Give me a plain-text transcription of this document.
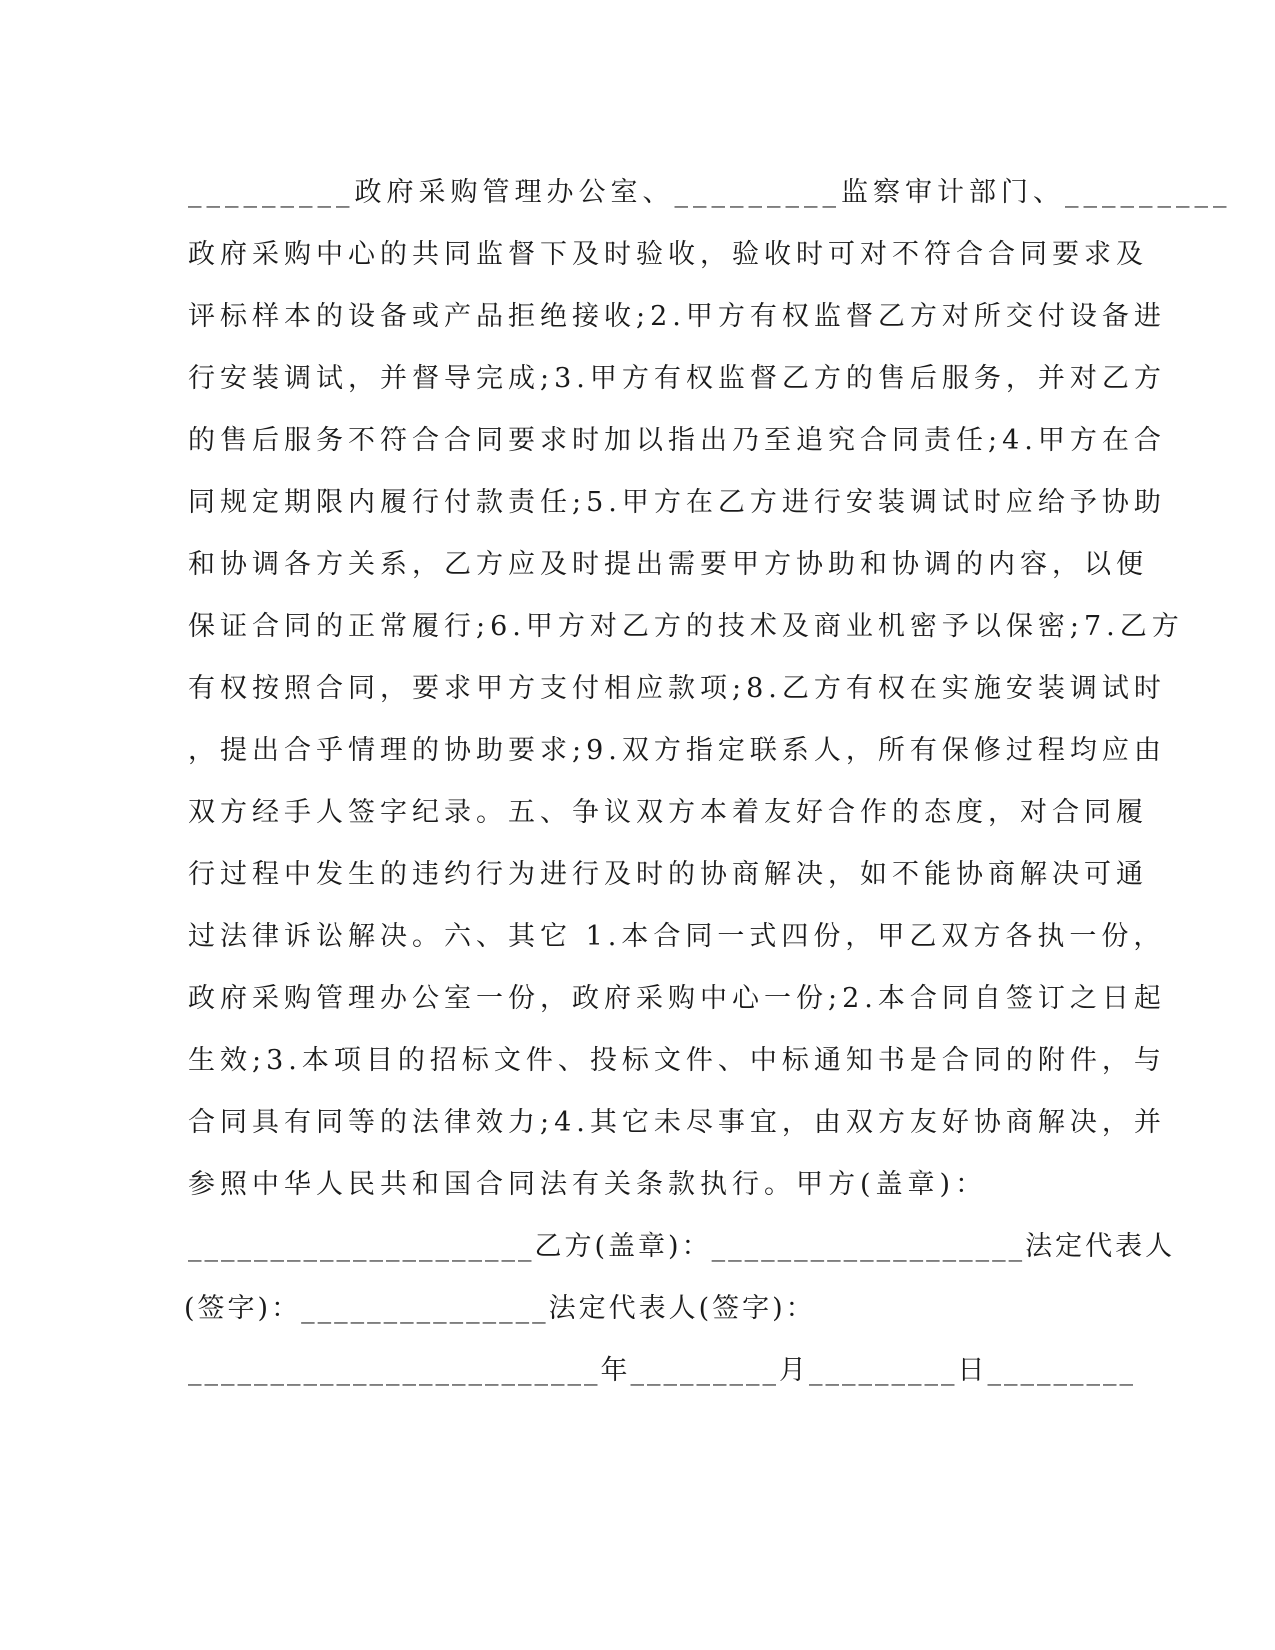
_________政府采购管理办公室、_________监察审计部门、_________
政府采购中心的共同监督下及时验收，验收时可对不符合合同要求及
评标样本的设备或产品拒绝接收;2.甲方有权监督乙方对所交付设备进
行安装调试，并督导完成;3.甲方有权监督乙方的售后服务，并对乙方
的售后服务不符合合同要求时加以指出乃至追究合同责任;4.甲方在合
同规定期限内履行付款责任;5.甲方在乙方进行安装调试时应给予协助
和协调各方关系，乙方应及时提出需要甲方协助和协调的内容，以便
保证合同的正常履行;6.甲方对乙方的技术及商业机密予以保密;7.乙方
有权按照合同，要求甲方支付相应款项;8.乙方有权在实施安装调试时
，提出合乎情理的协助要求;9.双方指定联系人，所有保修过程均应由
双方经手人签字纪录。五、争议双方本着友好合作的态度，对合同履
行过程中发生的违约行为进行及时的协商解决，如不能协商解决可通
过法律诉讼解决。六、其它 1.本合同一式四份，甲乙双方各执一份，
政府采购管理办公室一份，政府采购中心一份;2.本合同自签订之日起
生效;3.本项目的招标文件、投标文件、中标通知书是合同的附件，与
合同具有同等的法律效力;4.其它未尽事宜，由双方友好协商解决，并
参照中华人民共和国合同法有关条款执行。甲方(盖章)：
_____________________乙方(盖章)：___________________法定代表人
(签字)：_______________法定代表人(签字)：
_________________________年_________月_________日_________
